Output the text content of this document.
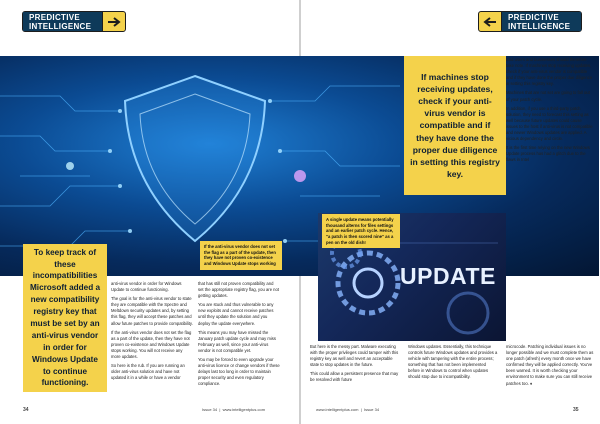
PREDICTIVE INTELLIGENCE
PREDICTIVE INTELLIGENCE
If machines stop receiving updates, check if your anti-virus vendor is compatible and if they have done the proper due diligence in setting this registry key.
To keep track of these incompatibilities Microsoft added a new compatibility registry key that must be set by an anti-virus vendor in order for Windows Update to continue functioning.
If the anti-virus vendor does not set the flag as a part of the update, then they have not proven co-existence and Windows Update stops working	UPDATE
A single update means potentially thousand alterns for files settings and an earlier patch cycle. Hence, "a patch is then scored nine" as a pen on the old dish!

End users and businesses should therefore take note. If machines stop receiving updates, check if your anti-virus vendor is compatible and if they have done the proper due diligence in setting this registry key.

Machines that are not set are going to fall out of your patch cycle.

In addition, if you use a third-party patch solution, they need to forecast this setting as well because future updates could cause issues to the host if anti-virus is not compatible and newer Windows updates are applied. A vicious dependency and circle.

It is the first time relying on the new Windows Update process has had a glitch due to the flaws in Intel

anti-virus vendor in order for Windows Update to continue functioning.

The goal is for the anti-virus vendor to state they are compatible with the Spectre and Meltdown security updates and, by setting this flag, they will accept these patches and allow future patches to provide compatibility.

If the anti-virus vendor does not set the flag as a part of the update, then they have not proven co-existence and Windows Update stops working. You will not receive any more updates.

So here is the rub. If you are running an older anti-virus solution and have not updated it in a while or have a vendor

that has still not proven compatibility and set the appropriate registry flag, you are not getting updates.

You are stuck and thus vulnerable to any new exploits and cannot receive patches until they update the solution and you deploy the update everywhere.

This means you may have missed the January patch update cycle and may miss February as well, since your anti-virus vendor is not compatible yet.

You may be forced to even upgrade your anti-virus licence or change vendors if these delays last too long in order to maintain proper security and even regulatory compliance.

But here is the messy part. Malware executing with the proper privileges could tamper with this registry key as well and revert an acceptable state to stop updates in the future.

This could allow a persistent presence that may be resolved with future

Windows updates. Essentially, this technique controls future Windows updates and provides a vehicle with tampering with the entire process; something that has not been implemented before in Windows to control when updates should stop due to incompatibility.

microcode. Patching individual issues is no longer possible and we must complete them as one patch (afresh) every month once we have confirmed they will be applied correctly. You've been warned. It is worth checking your environment to make sure you can still receive patches too. ♦

34	Issue 34  |  www.intelligentplus.com	www.intelligentplus.com  |  Issue 34	35
